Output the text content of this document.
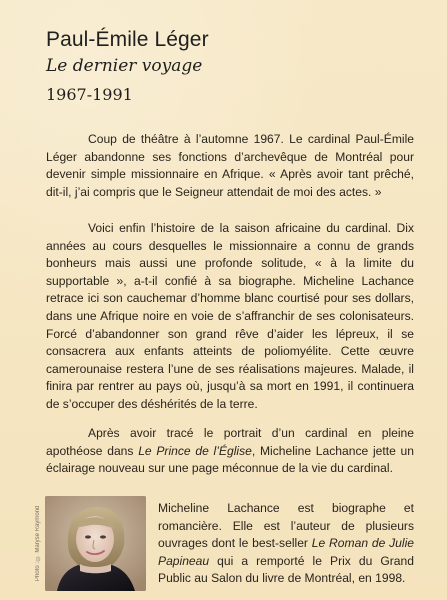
Paul-Émile Léger

Le dernier voyage

1967-1991

Coup de théâtre à l’automne 1967. Le cardinal Paul-Émile Léger abandonne ses fonctions d’archevêque de Montréal pour devenir simple missionnaire en Afrique. « Après avoir tant prêché, dit-il, j’ai compris que le Seigneur attendait de moi des actes. »

Voici enfin l’histoire de la saison africaine du cardinal. Dix années au cours desquelles le missionnaire a connu de grands bonheurs mais aussi une profonde solitude, « à la limite du supportable », a-t-il confié à sa biographe. Micheline Lachance retrace ici son cauchemar d’homme blanc courtisé pour ses dollars, dans une Afrique noire en voie de s’affranchir de ses colonisateurs. Forcé d’abandonner son grand rêve d’aider les lépreux, il se consacrera aux enfants atteints de poliomyélite. Cette œuvre camerounaise restera l’une de ses réalisations majeures. Malade, il finira par rentrer au pays où, jusqu’à sa mort en 1991, il continuera de s’occuper des déshérités de la terre.

Après avoir tracé le portrait d’un cardinal en pleine apothéose dans Le Prince de l’Église, Micheline Lachance jette un éclairage nouveau sur une page méconnue de la vie du cardinal.

Photo : © Maryse Raymond	Micheline Lachance est biographe et romancière. Elle est l’auteur de plusieurs ouvrages dont le best-seller Le Roman de Julie Papineau qui a remporté le Prix du Grand Public au Salon du livre de Montréal, en 1998.
